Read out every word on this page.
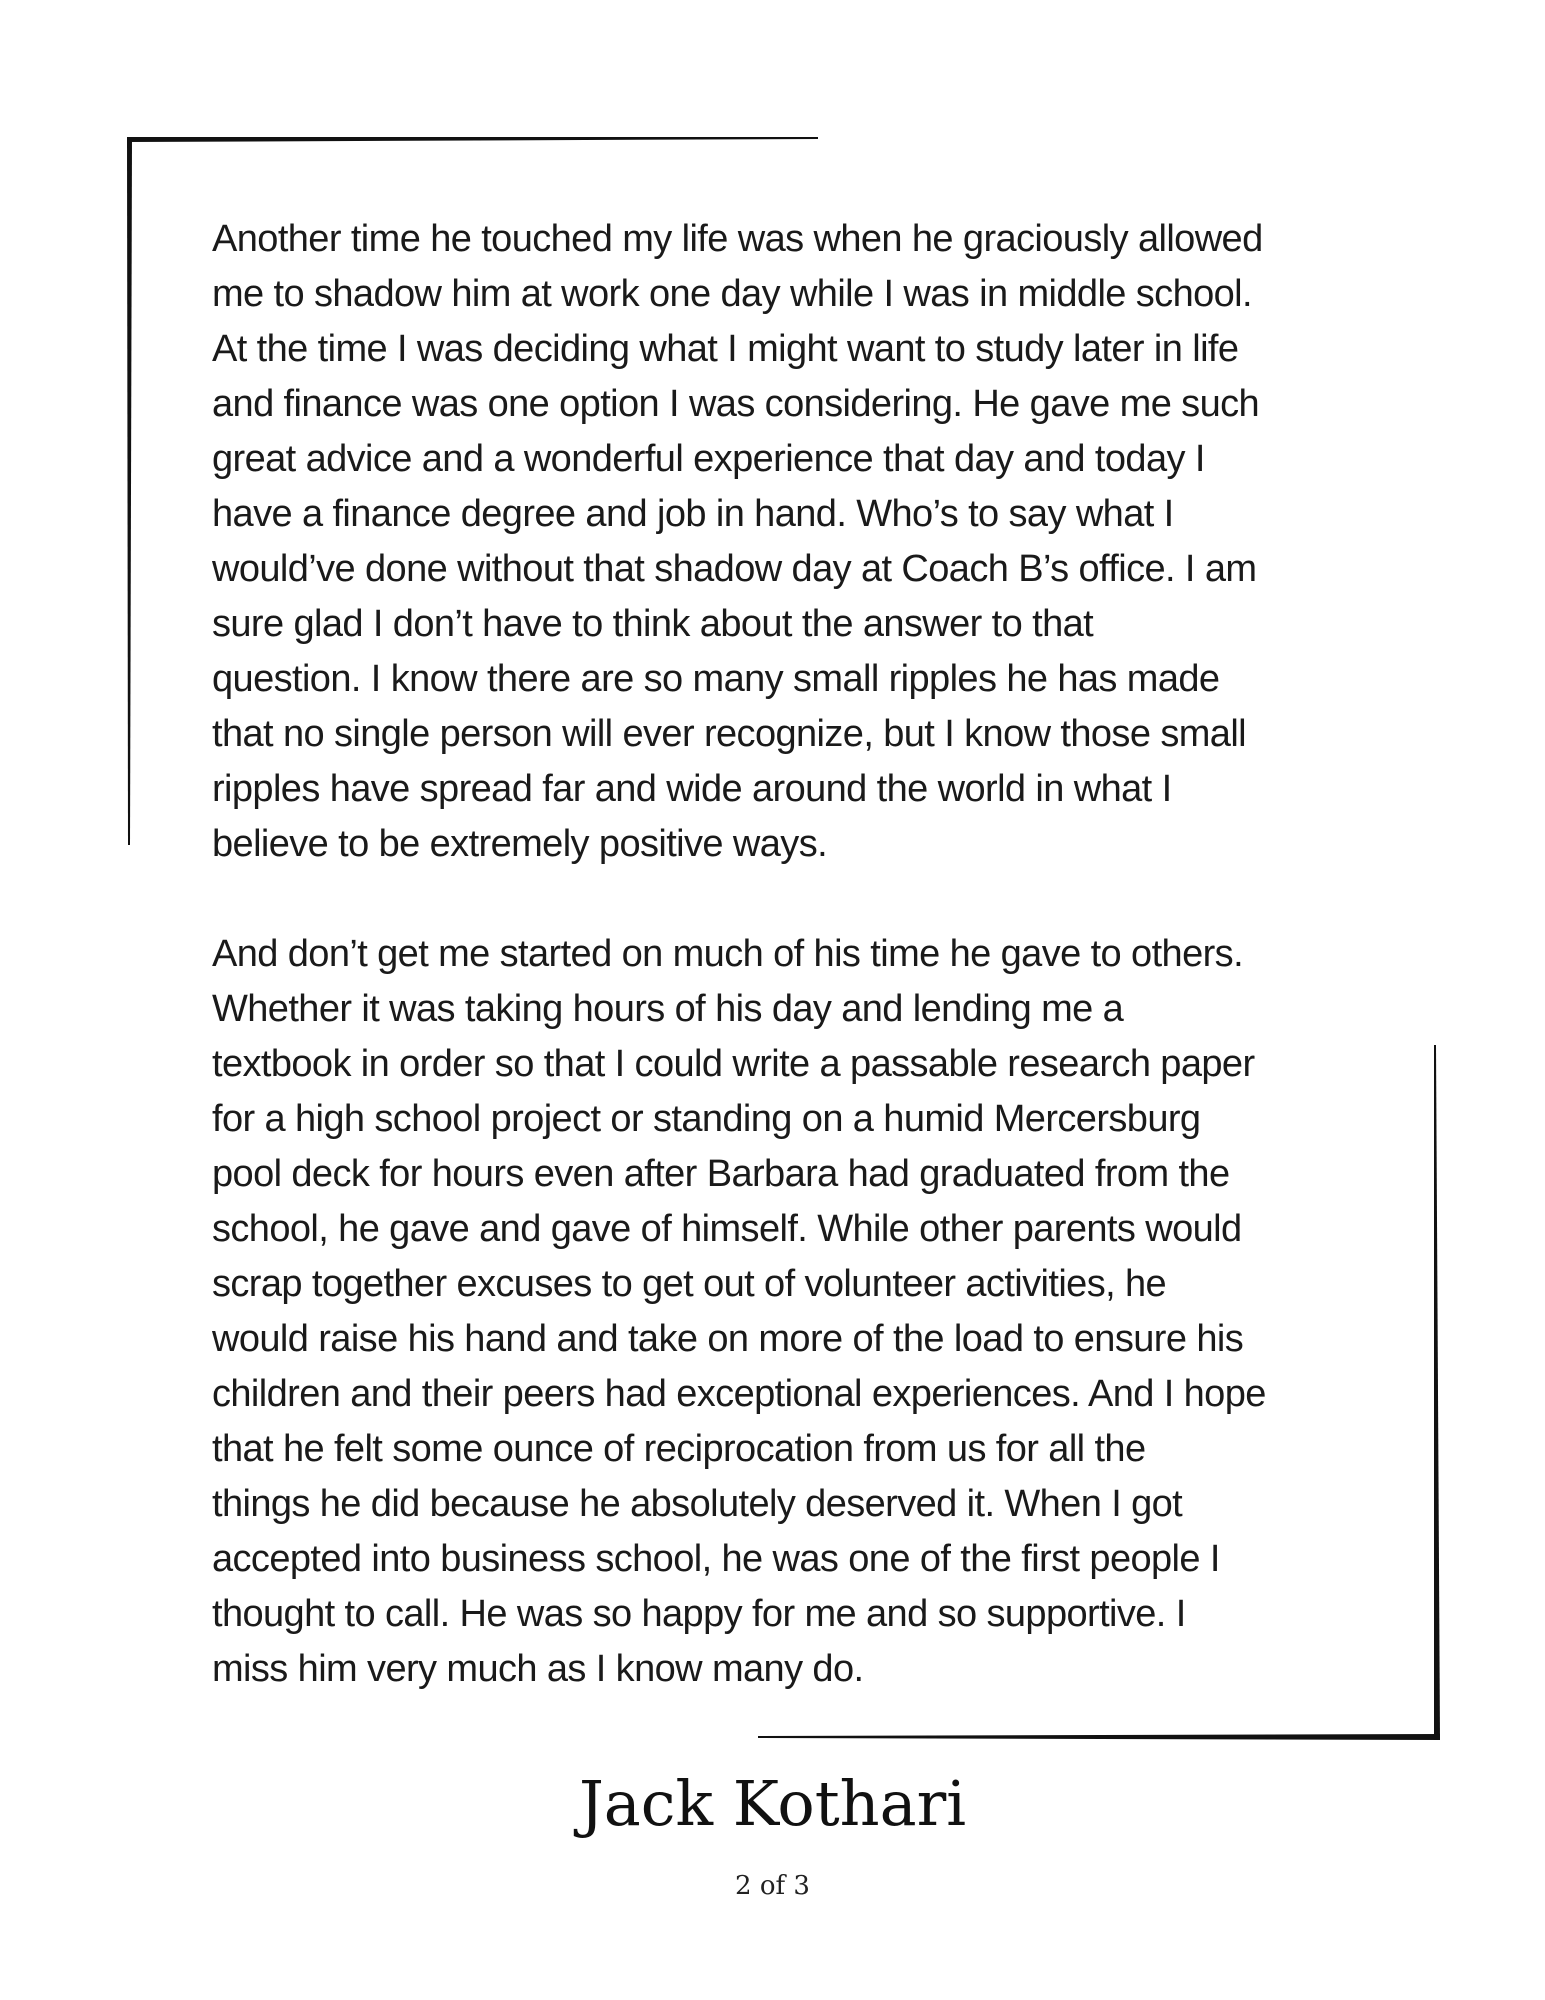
Another time he touched my life was when he graciously allowed
me to shadow him at work one day while I was in middle school.
At the time I was deciding what I might want to study later in life
and finance was one option I was considering. He gave me such
great advice and a wonderful experience that day and today I
have a finance degree and job in hand. Who’s to say what I
would’ve done without that shadow day at Coach B’s office. I am
sure glad I don’t have to think about the answer to that
question. I know there are so many small ripples he has made
that no single person will ever recognize, but I know those small
ripples have spread far and wide around the world in what I
believe to be extremely positive ways.

And don’t get me started on much of his time he gave to others.
Whether it was taking hours of his day and lending me a
textbook in order so that I could write a passable research paper
for a high school project or standing on a humid Mercersburg
pool deck for hours even after Barbara had graduated from the
school, he gave and gave of himself. While other parents would
scrap together excuses to get out of volunteer activities, he
would raise his hand and take on more of the load to ensure his
children and their peers had exceptional experiences. And I hope
that he felt some ounce of reciprocation from us for all the
things he did because he absolutely deserved it. When I got
accepted into business school, he was one of the first people I
thought to call. He was so happy for me and so supportive. I
miss him very much as I know many do.

Jack Kothari
2 of 3
